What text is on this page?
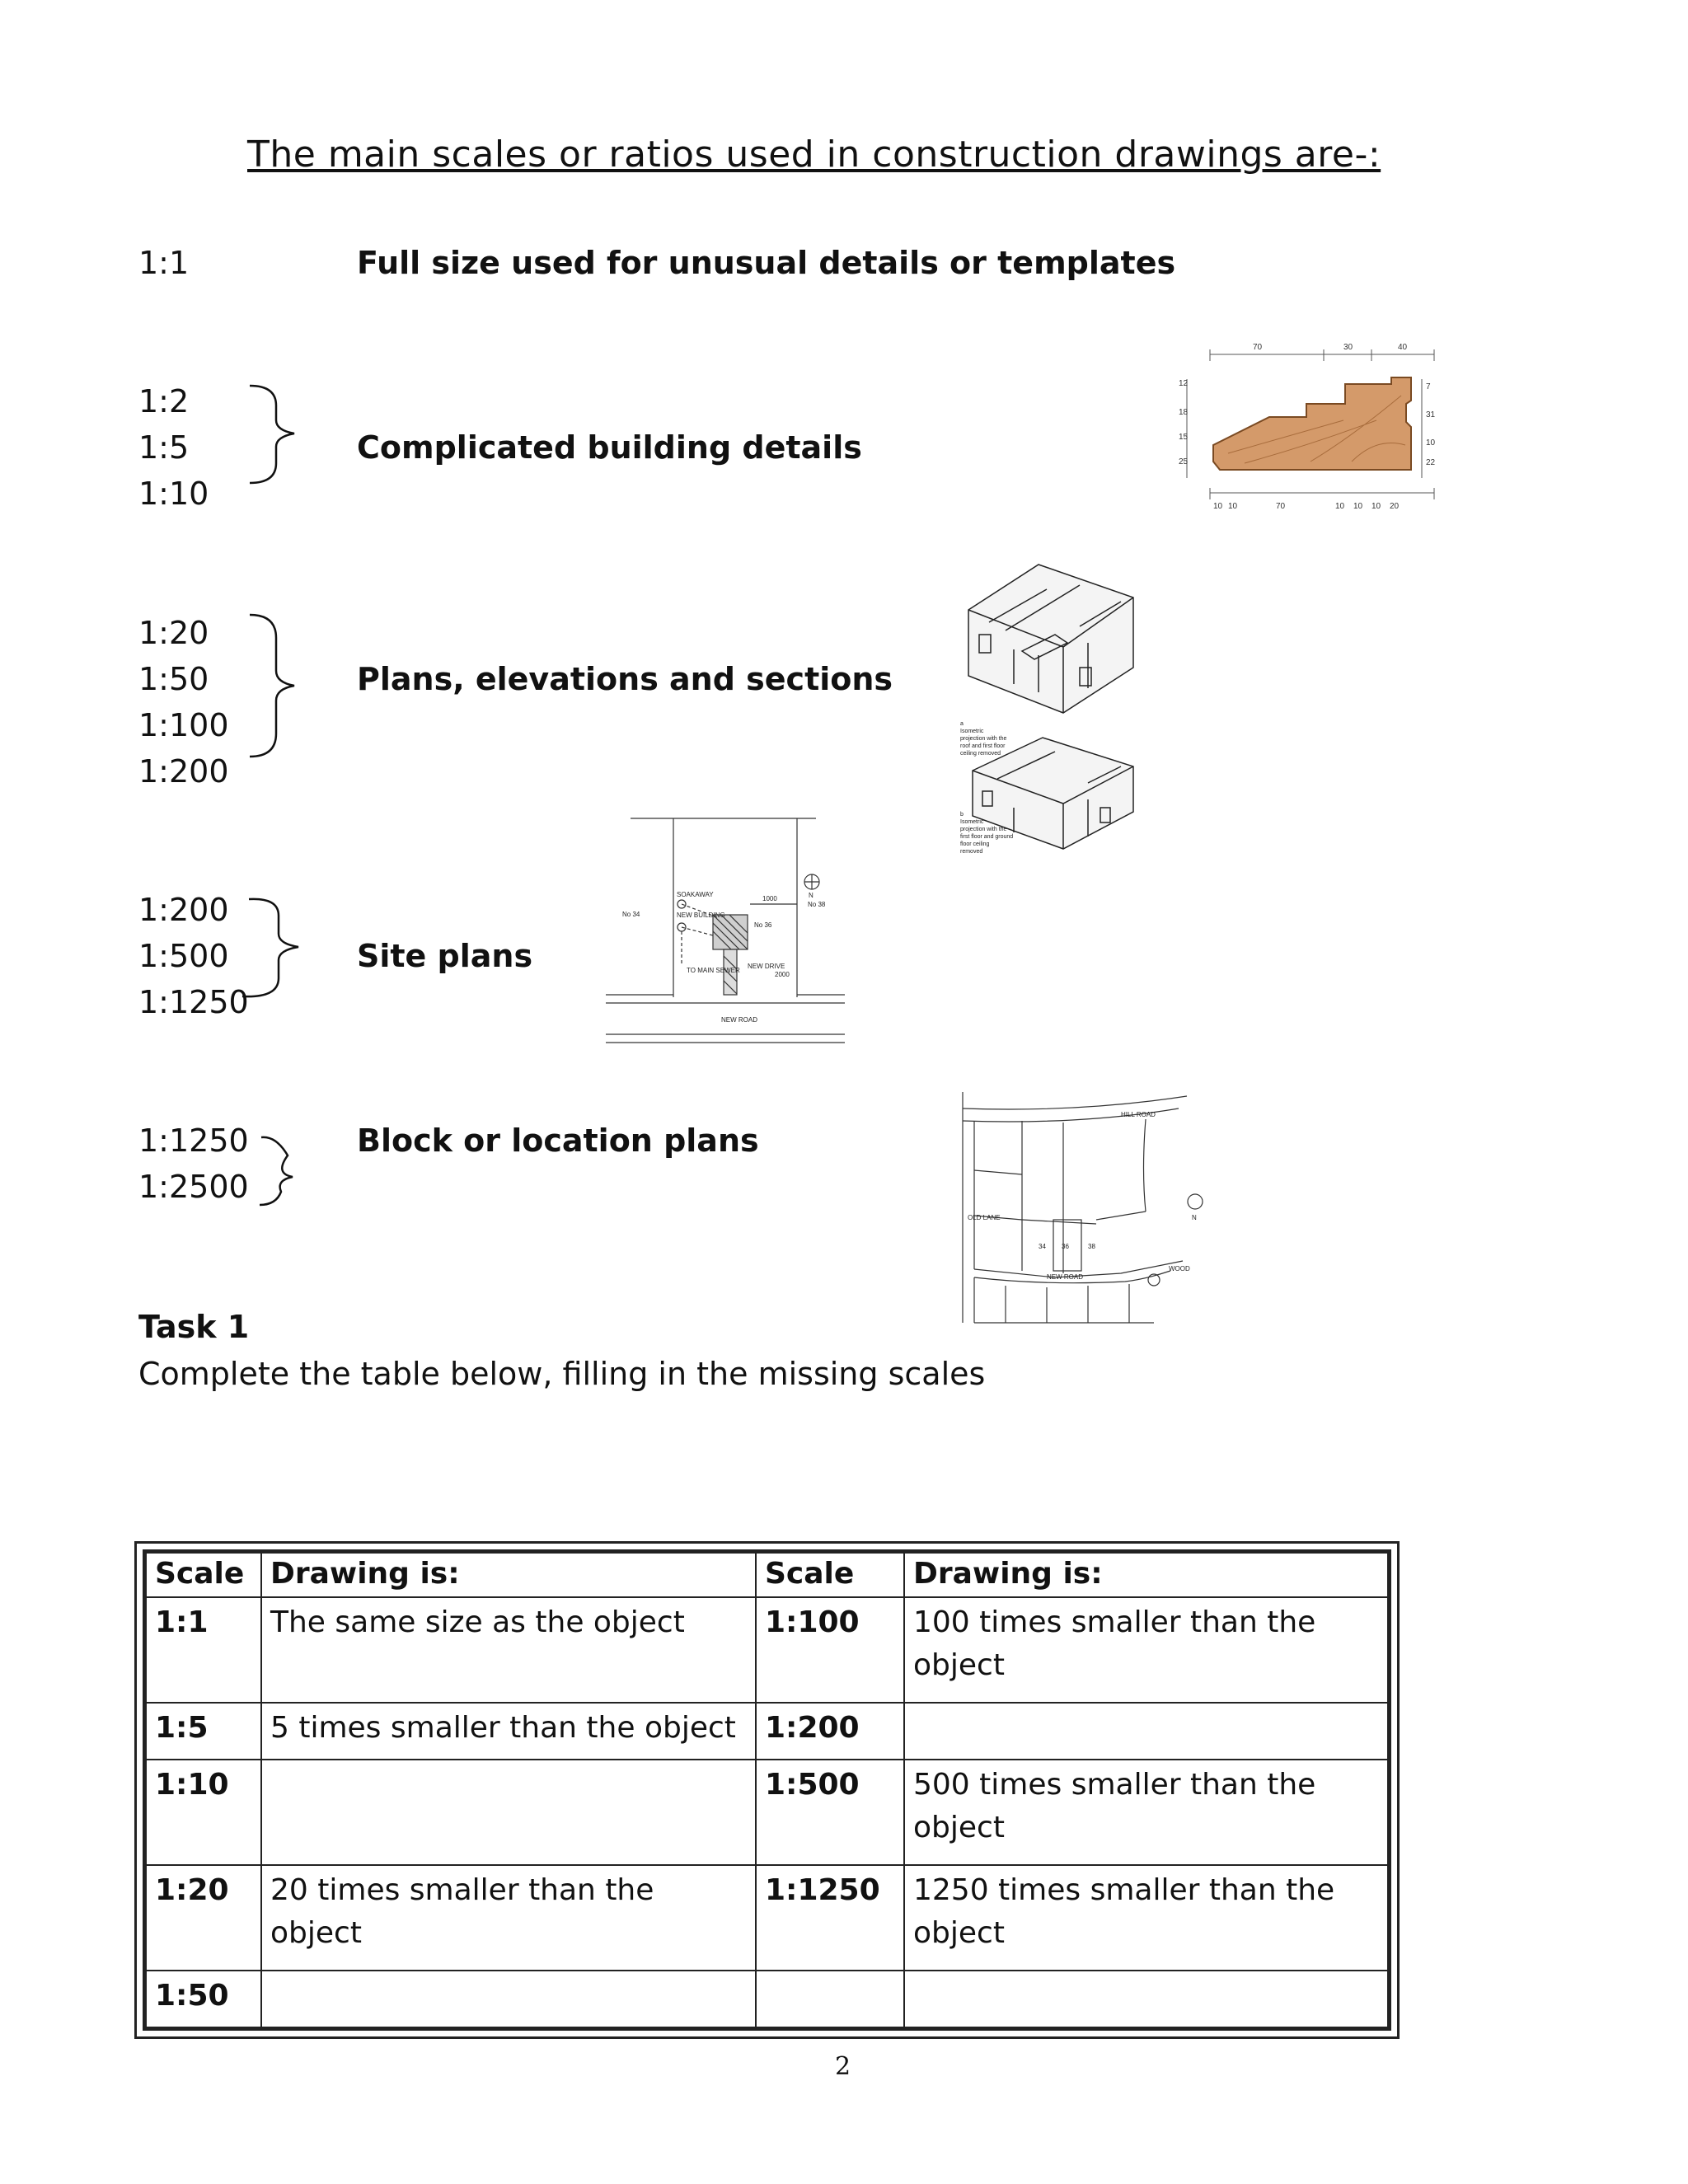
The main scales or ratios used in construction drawings are-:
1:1	Full size used for unusual details or templates
1:2
1:5
1:10
Complicated building details
1:20
1:50
1:100
1:200
Plans, elevations and sections
1:200
1:500
1:1250
Site plans
1:1250
1:2500
Block or location plans
70	30	40
12
18
15
25
7
31
10
22
10 10	70	10 10 10 20
a
Isometric
projection with the
roof and first floor
ceiling removed
b
Isometric
projection with the
first floor and ground
floor ceiling
removed
SOAKAWAY
No 34
1000
No 36
No 38
N
NEW BUILDING
TO MAIN SEWER
NEW DRIVE
2000
NEW ROAD
HILL ROAD
OLD LANE
34 36	38
NEW ROAD
WOOD
N
Task 1
Complete the table below, filling in the missing scales
Scale	Drawing is:	Scale	Drawing is:
1:1	The same size as the object	1:100	100 times smaller than the object
1:5	5 times smaller than the object	1:200	
1:10		1:500	500 times smaller than the object
1:20	20 times smaller than the object	1:1250	1250 times smaller than the object
1:50			
2
